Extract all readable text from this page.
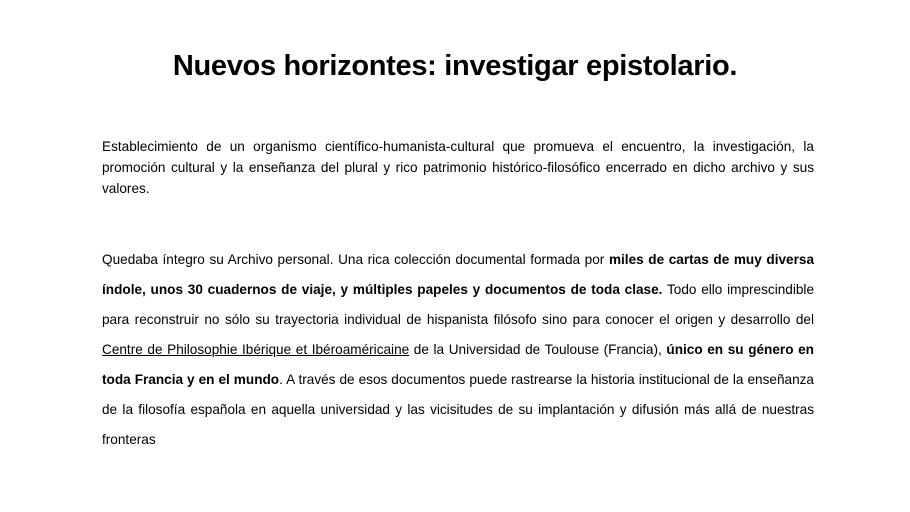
Nuevos horizontes: investigar epistolario.
Establecimiento de un organismo científico-humanista-cultural que promueva el encuentro, la investigación, la promoción cultural y la enseñanza del plural y rico patrimonio histórico-filosófico encerrado en dicho archivo y sus valores.
Quedaba íntegro su Archivo personal. Una rica colección documental formada por miles de cartas de muy diversa índole, unos 30 cuadernos de viaje, y múltiples papeles y documentos de toda clase. Todo ello imprescindible para reconstruir no sólo su trayectoria individual de hispanista filósofo sino para conocer el origen y desarrollo del Centre de Philosophie Ibérique et Ibéroaméricaine de la Universidad de Toulouse (Francia), único en su género en toda Francia y en el mundo. A través de esos documentos puede rastrearse la historia institucional de la enseñanza de la filosofía española en aquella universidad y las vicisitudes de su implantación y difusión más allá de nuestras fronteras
